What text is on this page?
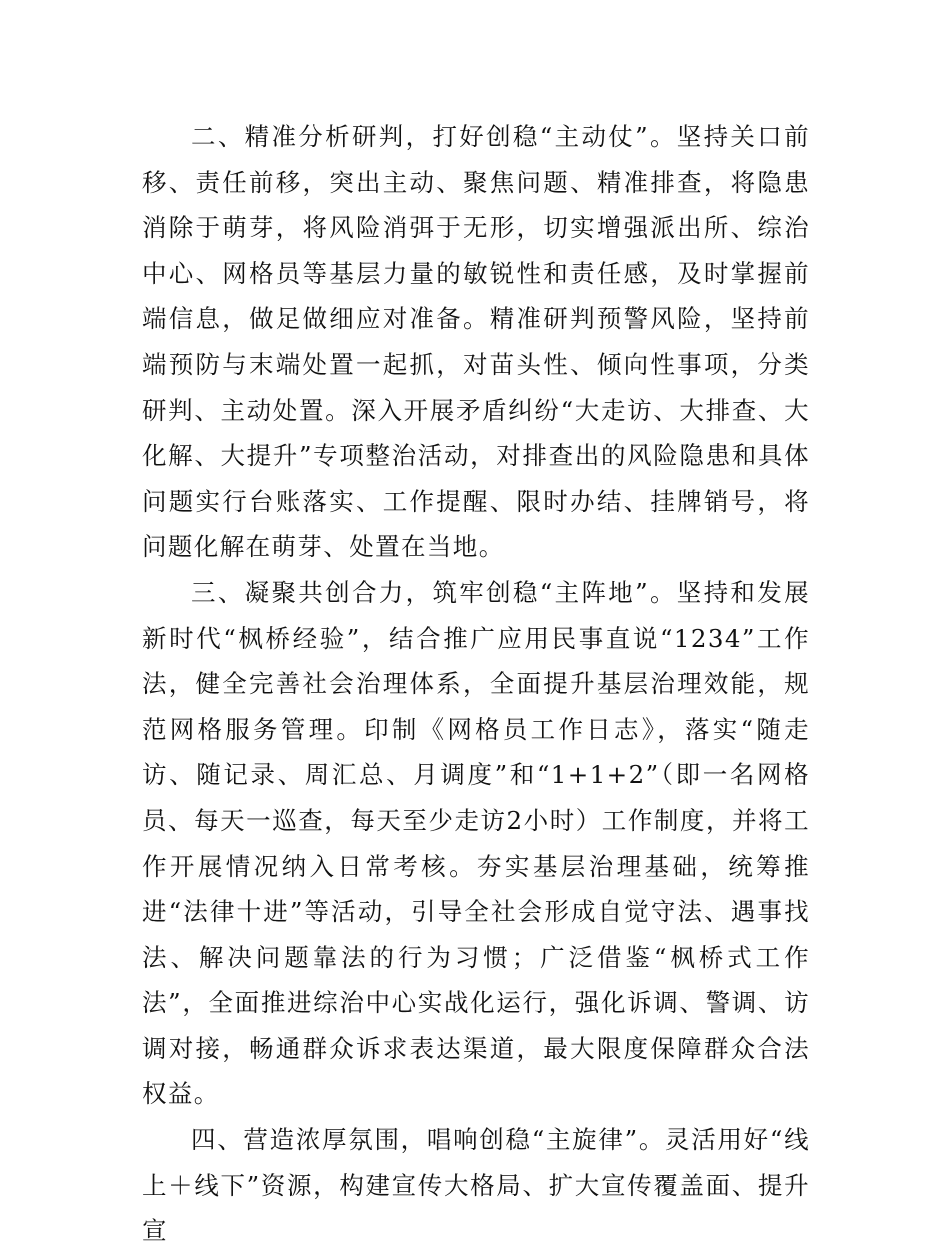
二、精准分析研判，打好创稳“主动仗”。坚持关口前移、责任前移，突出主动、聚焦问题、精准排查，将隐患消除于萌芽，将风险消弭于无形，切实增强派出所、综治中心、网格员等基层力量的敏锐性和责任感，及时掌握前端信息，做足做细应对准备。精准研判预警风险，坚持前端预防与末端处置一起抓，对苗头性、倾向性事项，分类研判、主动处置。深入开展矛盾纠纷“大走访、大排查、大化解、大提升”专项整治活动，对排查出的风险隐患和具体问题实行台账落实、工作提醒、限时办结、挂牌销号，将问题化解在萌芽、处置在当地。

三、凝聚共创合力，筑牢创稳“主阵地”。坚持和发展新时代“枫桥经验”，结合推广应用民事直说“1234”工作法，健全完善社会治理体系，全面提升基层治理效能，规范网格服务管理。印制《网格员工作日志》，落实“随走访、随记录、周汇总、月调度”和“1+1+2”（即一名网格员、每天一巡查，每天至少走访2小时）工作制度，并将工作开展情况纳入日常考核。夯实基层治理基础，统筹推进“法律十进”等活动，引导全社会形成自觉守法、遇事找法、解决问题靠法的行为习惯；广泛借鉴“枫桥式工作法”，全面推进综治中心实战化运行，强化诉调、警调、访调对接，畅通群众诉求表达渠道，最大限度保障群众合法权益。

四、营造浓厚氛围，唱响创稳“主旋律”。灵活用好“线上＋线下”资源，构建宣传大格局、扩大宣传覆盖面、提升宣
